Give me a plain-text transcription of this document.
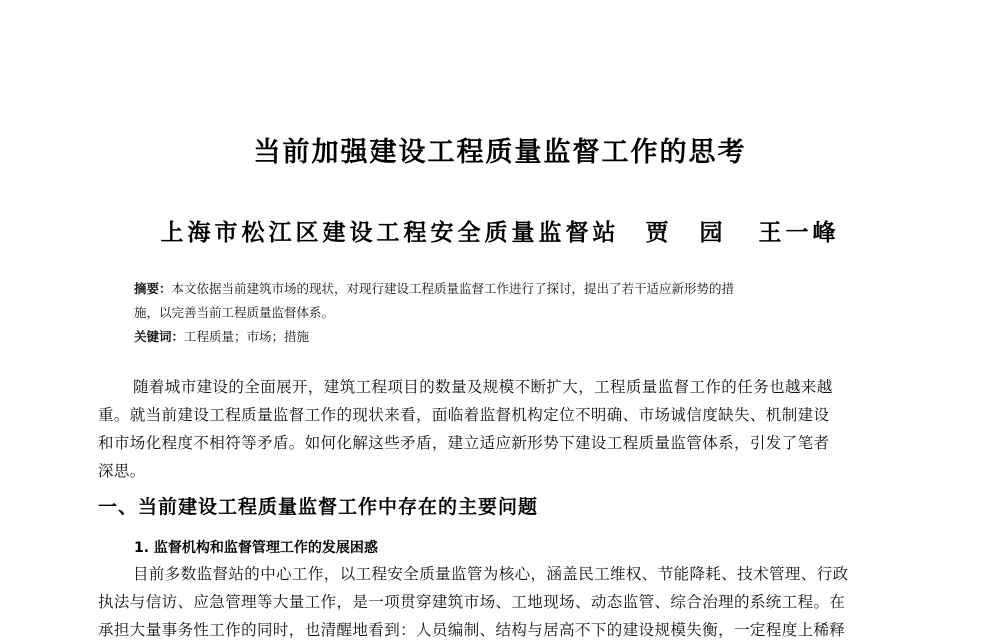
当前加强建设工程质量监督工作的思考
上海市松江区建设工程安全质量监督站 贾　园 王一峰
摘要：本文依据当前建筑市场的现状，对现行建设工程质量监督工作进行了探讨，提出了若干适应新形势的措
施，以完善当前工程质量监督体系。
关键词：工程质量；市场；措施
随着城市建设的全面展开，建筑工程项目的数量及规模不断扩大，工程质量监督工作的任务也越来越
重。就当前建设工程质量监督工作的现状来看，面临着监督机构定位不明确、市场诚信度缺失、机制建设
和市场化程度不相符等矛盾。如何化解这些矛盾，建立适应新形势下建设工程质量监管体系，引发了笔者
深思。
一、当前建设工程质量监督工作中存在的主要问题
1. 监督机构和监督管理工作的发展困惑
目前多数监督站的中心工作，以工程安全质量监管为核心，涵盖民工维权、节能降耗、技术管理、行政
执法与信访、应急管理等大量工作，是一项贯穿建筑市场、工地现场、动态监管、综合治理的系统工程。在
承担大量事务性工作的同时，也清醒地看到：人员编制、结构与居高不下的建设规模失衡，一定程度上稀释
